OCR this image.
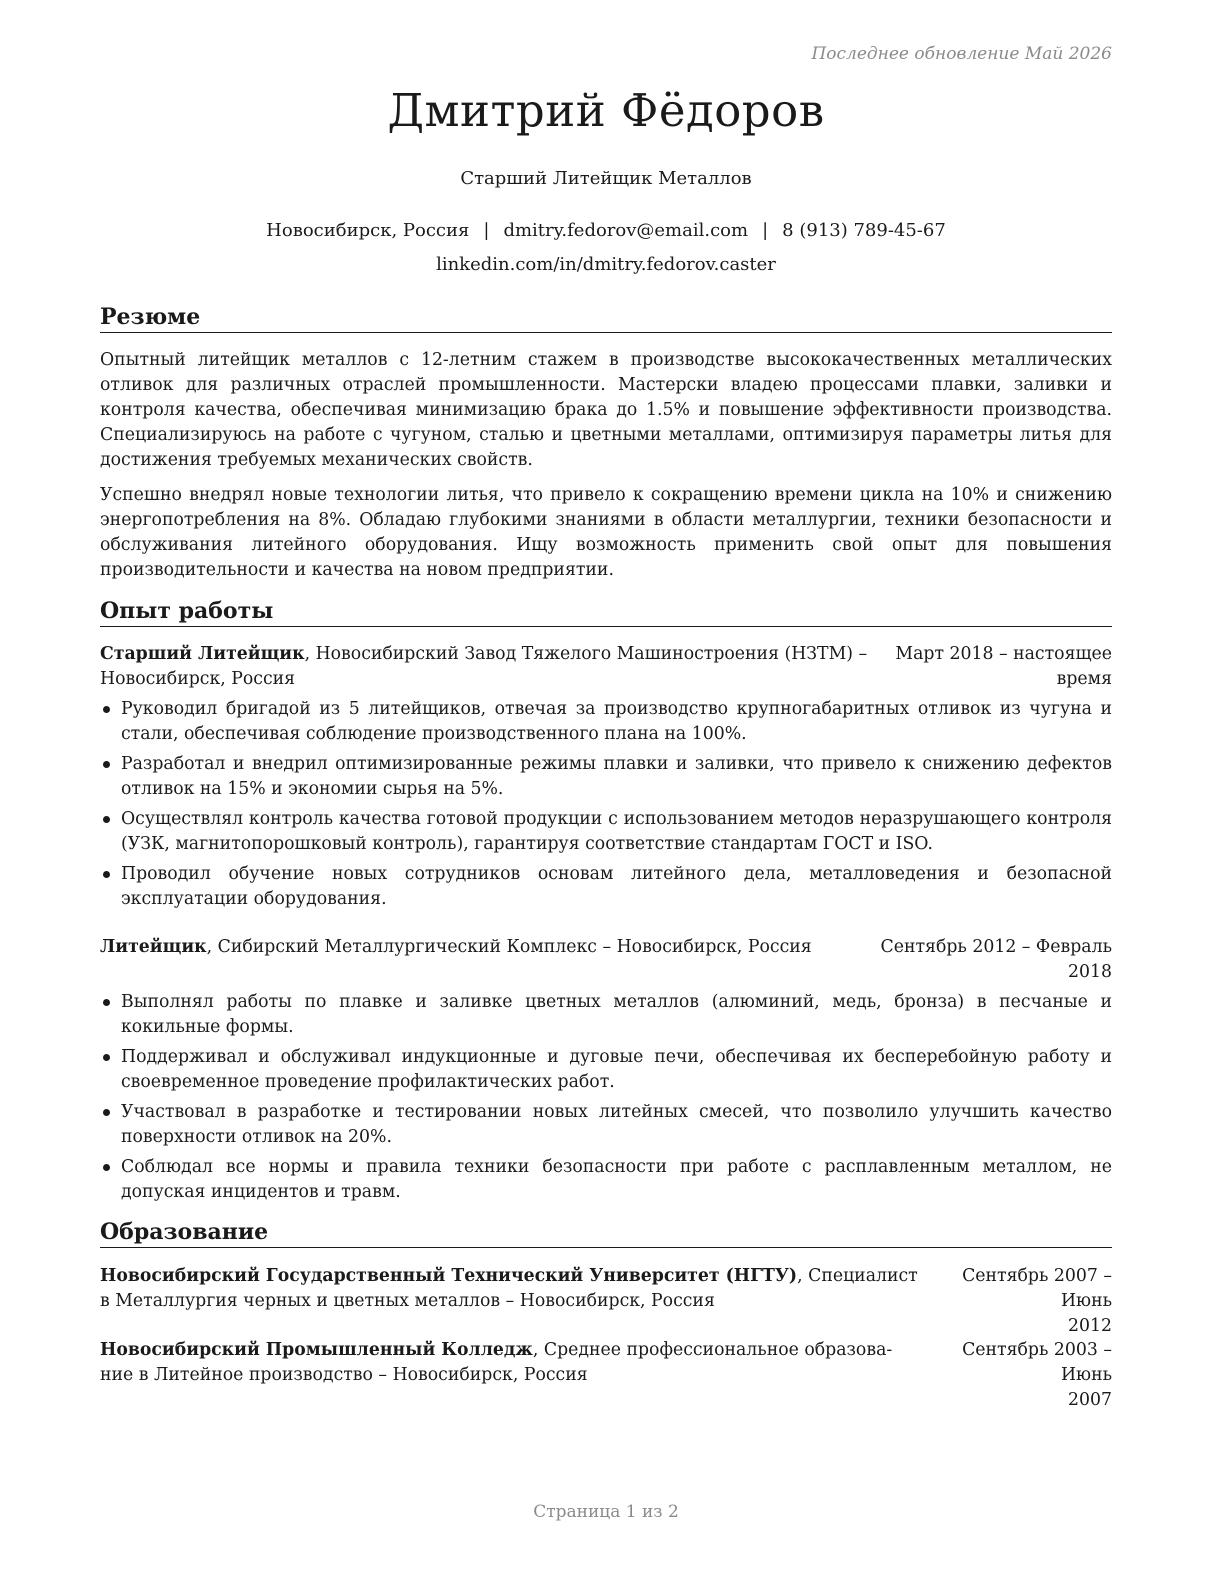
Последнее обновление Май 2026
Дмитрий Фёдоров
Старший Литейщик Металлов
Новосибирск, Россия | dmitry.fedorov@email.com | 8 (913) 789-45-67
linkedin.com/in/dmitry.fedorov.caster
Резюме

Опытный литейщик металлов с 12-летним стажем в производстве высококачественных металлических отливок для различных отраслей промышленности. Мастерски владею процессами плавки, заливки и контроля качества, обеспечивая минимизацию брака до 1.5% и повышение эффективности производства. Специализируюсь на работе с чугуном, сталью и цветными металлами, оптимизируя параметры литья для достижения требуемых механических свойств.

Успешно внедрял новые технологии литья, что привело к сокращению времени цикла на 10% и снижению энергопотребления на 8%. Обладаю глубокими знаниями в области металлургии, техники безопасности и обслуживания литейного оборудования. Ищу возможность применить свой опыт для повышения производительности и качества на новом предприятии.

Опыт работы
Старший Литейщик, Новосибирский Завод Тяжелого Машиностроения (НЗТМ) –
Новосибирск, Россия
Март 2018 – настоящее
время
Руководил бригадой из 5 литейщиков, отвечая за производство крупногабаритных отливок из чугуна и стали, обеспечивая соблюдение производственного плана на 100%.
Разработал и внедрил оптимизированные режимы плавки и заливки, что привело к снижению дефектов отливок на 15% и экономии сырья на 5%.
Осуществлял контроль качества готовой продукции с использованием методов неразрушающего контроля (УЗК, магнитопорошковый контроль), гарантируя соответствие стандартам ГОСТ и ISO.
Проводил обучение новых сотрудников основам литейного дела, металловедения и безопасной эксплуатации оборудования.
Литейщик, Сибирский Металлургический Комплекс – Новосибирск, Россия	Сентябрь 2012 – Февраль
2018
Выполнял работы по плавке и заливке цветных металлов (алюминий, медь, бронза) в песчаные и кокильные формы.
Поддерживал и обслуживал индукционные и дуговые печи, обеспечивая их бесперебойную работу и своевременное проведение профилактических работ.
Участвовал в разработке и тестировании новых литейных смесей, что позволило улучшить качество поверхности отливок на 20%.
Соблюдал все нормы и правила техники безопасности при работе с расплавленным металлом, не допуская инцидентов и травм.
Образование
Новосибирский Государственный Технический Университет (НГТУ), Специалист
в Металлургия черных и цветных металлов – Новосибирск, Россия
Сентябрь 2007 – Июнь
2012
Новосибирский Промышленный Колледж, Среднее профессиональное образова-
ние в Литейное производство – Новосибирск, Россия
Сентябрь 2003 – Июнь
2007
Страница 1 из 2
